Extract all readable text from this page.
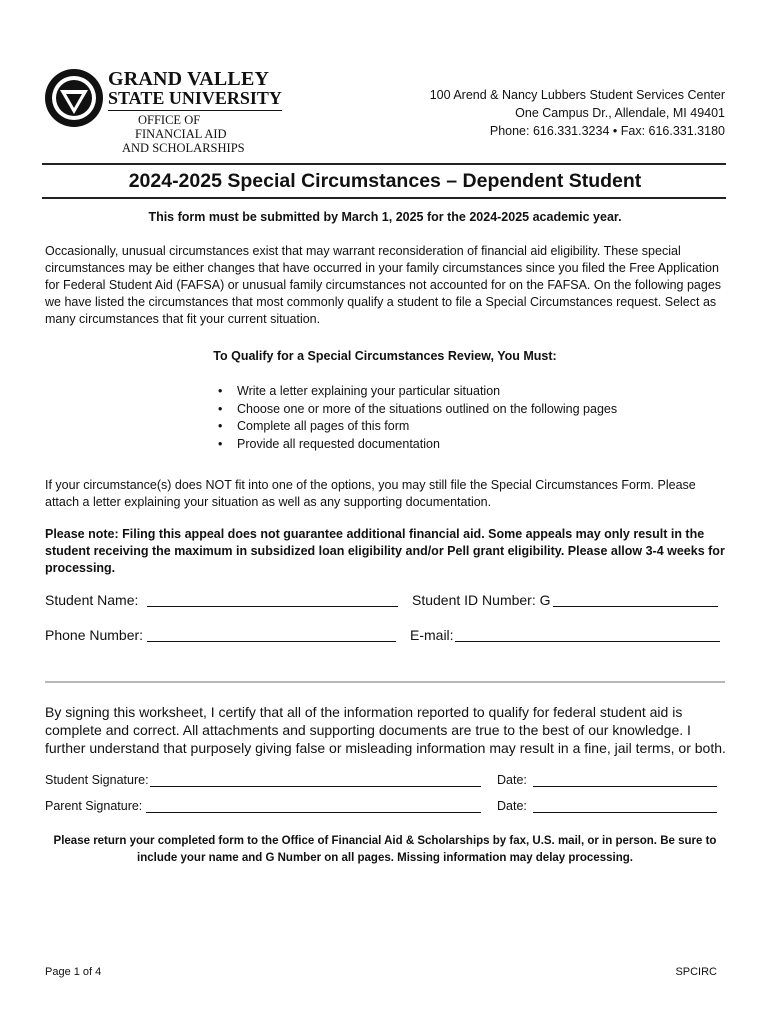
GRAND VALLEY
STATE UNIVERSITY
OFFICE OF
FINANCIAL AID
AND SCHOLARSHIPS
100 Arend & Nancy Lubbers Student Services Center
One Campus Dr., Allendale, MI 49401
Phone: 616.331.3234 • Fax: 616.331.3180
2024-2025 Special Circumstances – Dependent Student
This form must be submitted by March 1, 2025 for the 2024-2025 academic year.
Occasionally, unusual circumstances exist that may warrant reconsideration of financial aid eligibility. These special circumstances may be either changes that have occurred in your family circumstances since you filed the Free Application for Federal Student Aid (FAFSA) or unusual family circumstances not accounted for on the FAFSA. On the following pages we have listed the circumstances that most commonly qualify a student to file a Special Circumstances request. Select as many circumstances that fit your current situation.
To Qualify for a Special Circumstances Review, You Must:
• Write a letter explaining your particular situation
• Choose one or more of the situations outlined on the following pages
• Complete all pages of this form
• Provide all requested documentation
If your circumstance(s) does NOT fit into one of the options, you may still file the Special Circumstances Form. Please attach a letter explaining your situation as well as any supporting documentation.
Please note: Filing this appeal does not guarantee additional financial aid. Some appeals may only result in the student receiving the maximum in subsidized loan eligibility and/or Pell grant eligibility. Please allow 3-4 weeks for processing.
Student Name:	Student ID Number: G
Phone Number:	E-mail:
By signing this worksheet, I certify that all of the information reported to qualify for federal student aid is complete and correct. All attachments and supporting documents are true to the best of our knowledge. I further understand that purposely giving false or misleading information may result in a fine, jail terms, or both.
Student Signature:	Date:
Parent Signature:	Date:
Please return your completed form to the Office of Financial Aid & Scholarships by fax, U.S. mail, or in person. Be sure to include your name and G Number on all pages. Missing information may delay processing.
Page 1 of 4	SPCIRC
